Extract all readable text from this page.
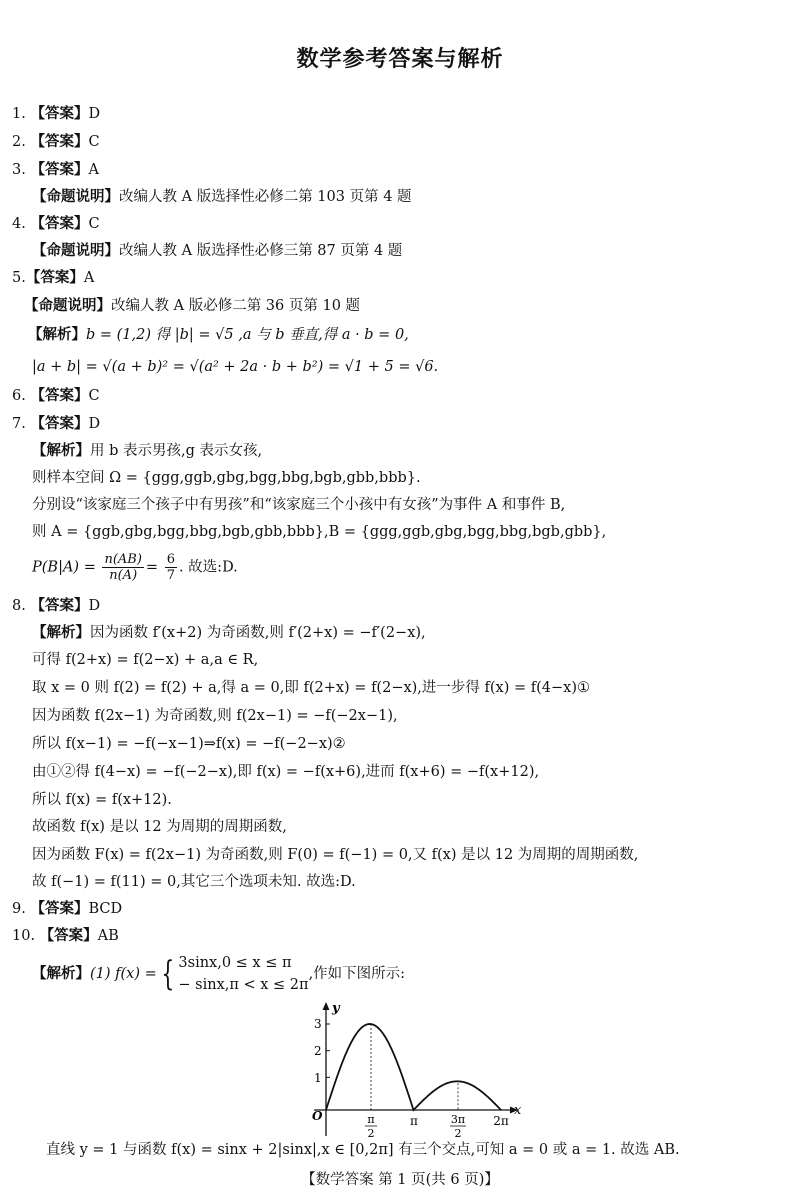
数学参考答案与解析
1. 【答案】D
2. 【答案】C
3. 【答案】A
【命题说明】改编人教 A 版选择性必修二第 103 页第 4 题
4. 【答案】C
【命题说明】改编人教 A 版选择性必修三第 87 页第 4 题
5.【答案】A
【命题说明】改编人教 A 版必修二第 36 页第 10 题
【解析】b = (1,2) 得 |b| = √5 ,a 与 b 垂直,得 a · b = 0,
|a + b| = √(a + b)² = √(a² + 2a · b + b²) = √1 + 5 = √6.
6. 【答案】C
7. 【答案】D
【解析】用 b 表示男孩,g 表示女孩,
则样本空间 Ω = {ggg,ggb,gbg,bgg,bbg,bgb,gbb,bbb}.
分别设“该家庭三个孩子中有男孩”和“该家庭三个小孩中有女孩”为事件 A 和事件 B,
则 A = {ggb,gbg,bgg,bbg,bgb,gbb,bbb},B = {ggg,ggb,gbg,bgg,bbg,bgb,gbb},
$P(B|A) = \frac{n(AB)}{n(A)} = \frac{6}{7}$ . 故选:D.
8. 【答案】D
【解析】因为函数 f′(x+2) 为奇函数,则 f′(2+x) = −f′(2−x),
可得 f(2+x) = f(2−x) + a,a ∈ R,
取 x = 0 则 f(2) = f(2) + a,得 a = 0,即 f(2+x) = f(2−x),进一步得 f(x) = f(4−x)①
因为函数 f(2x−1) 为奇函数,则 f(2x−1) = −f(−2x−1),
所以 f(x−1) = −f(−x−1)⇒f(x) = −f(−2−x)②
由①②得 f(4−x) = −f(−2−x),即 f(x) = −f(x+6),进而 f(x+6) = −f(x+12),
所以 f(x) = f(x+12).
故函数 f(x) 是以 12 为周期的周期函数,
因为函数 F(x) = f(2x−1) 为奇函数,则 F(0) = f(−1) = 0,又 f(x) 是以 12 为周期的周期函数,
故 f(−1) = f(11) = 0,其它三个选项未知. 故选:D.
9. 【答案】BCD
10. 【答案】AB
【解析】(1) f(x) = { 3sinx,0 ≤ x ≤ π
− sinx,π < x ≤ 2π
,作如下图所示:
y
x
O
1
2
3
π
2
π	3π
2
2π
直线 y = 1 与函数 f(x) = sinx + 2|sinx|,x ∈ [0,2π] 有三个交点,可知 a = 0 或 a = 1. 故选 AB.
【数学答案 第 1 页(共 6 页)】
